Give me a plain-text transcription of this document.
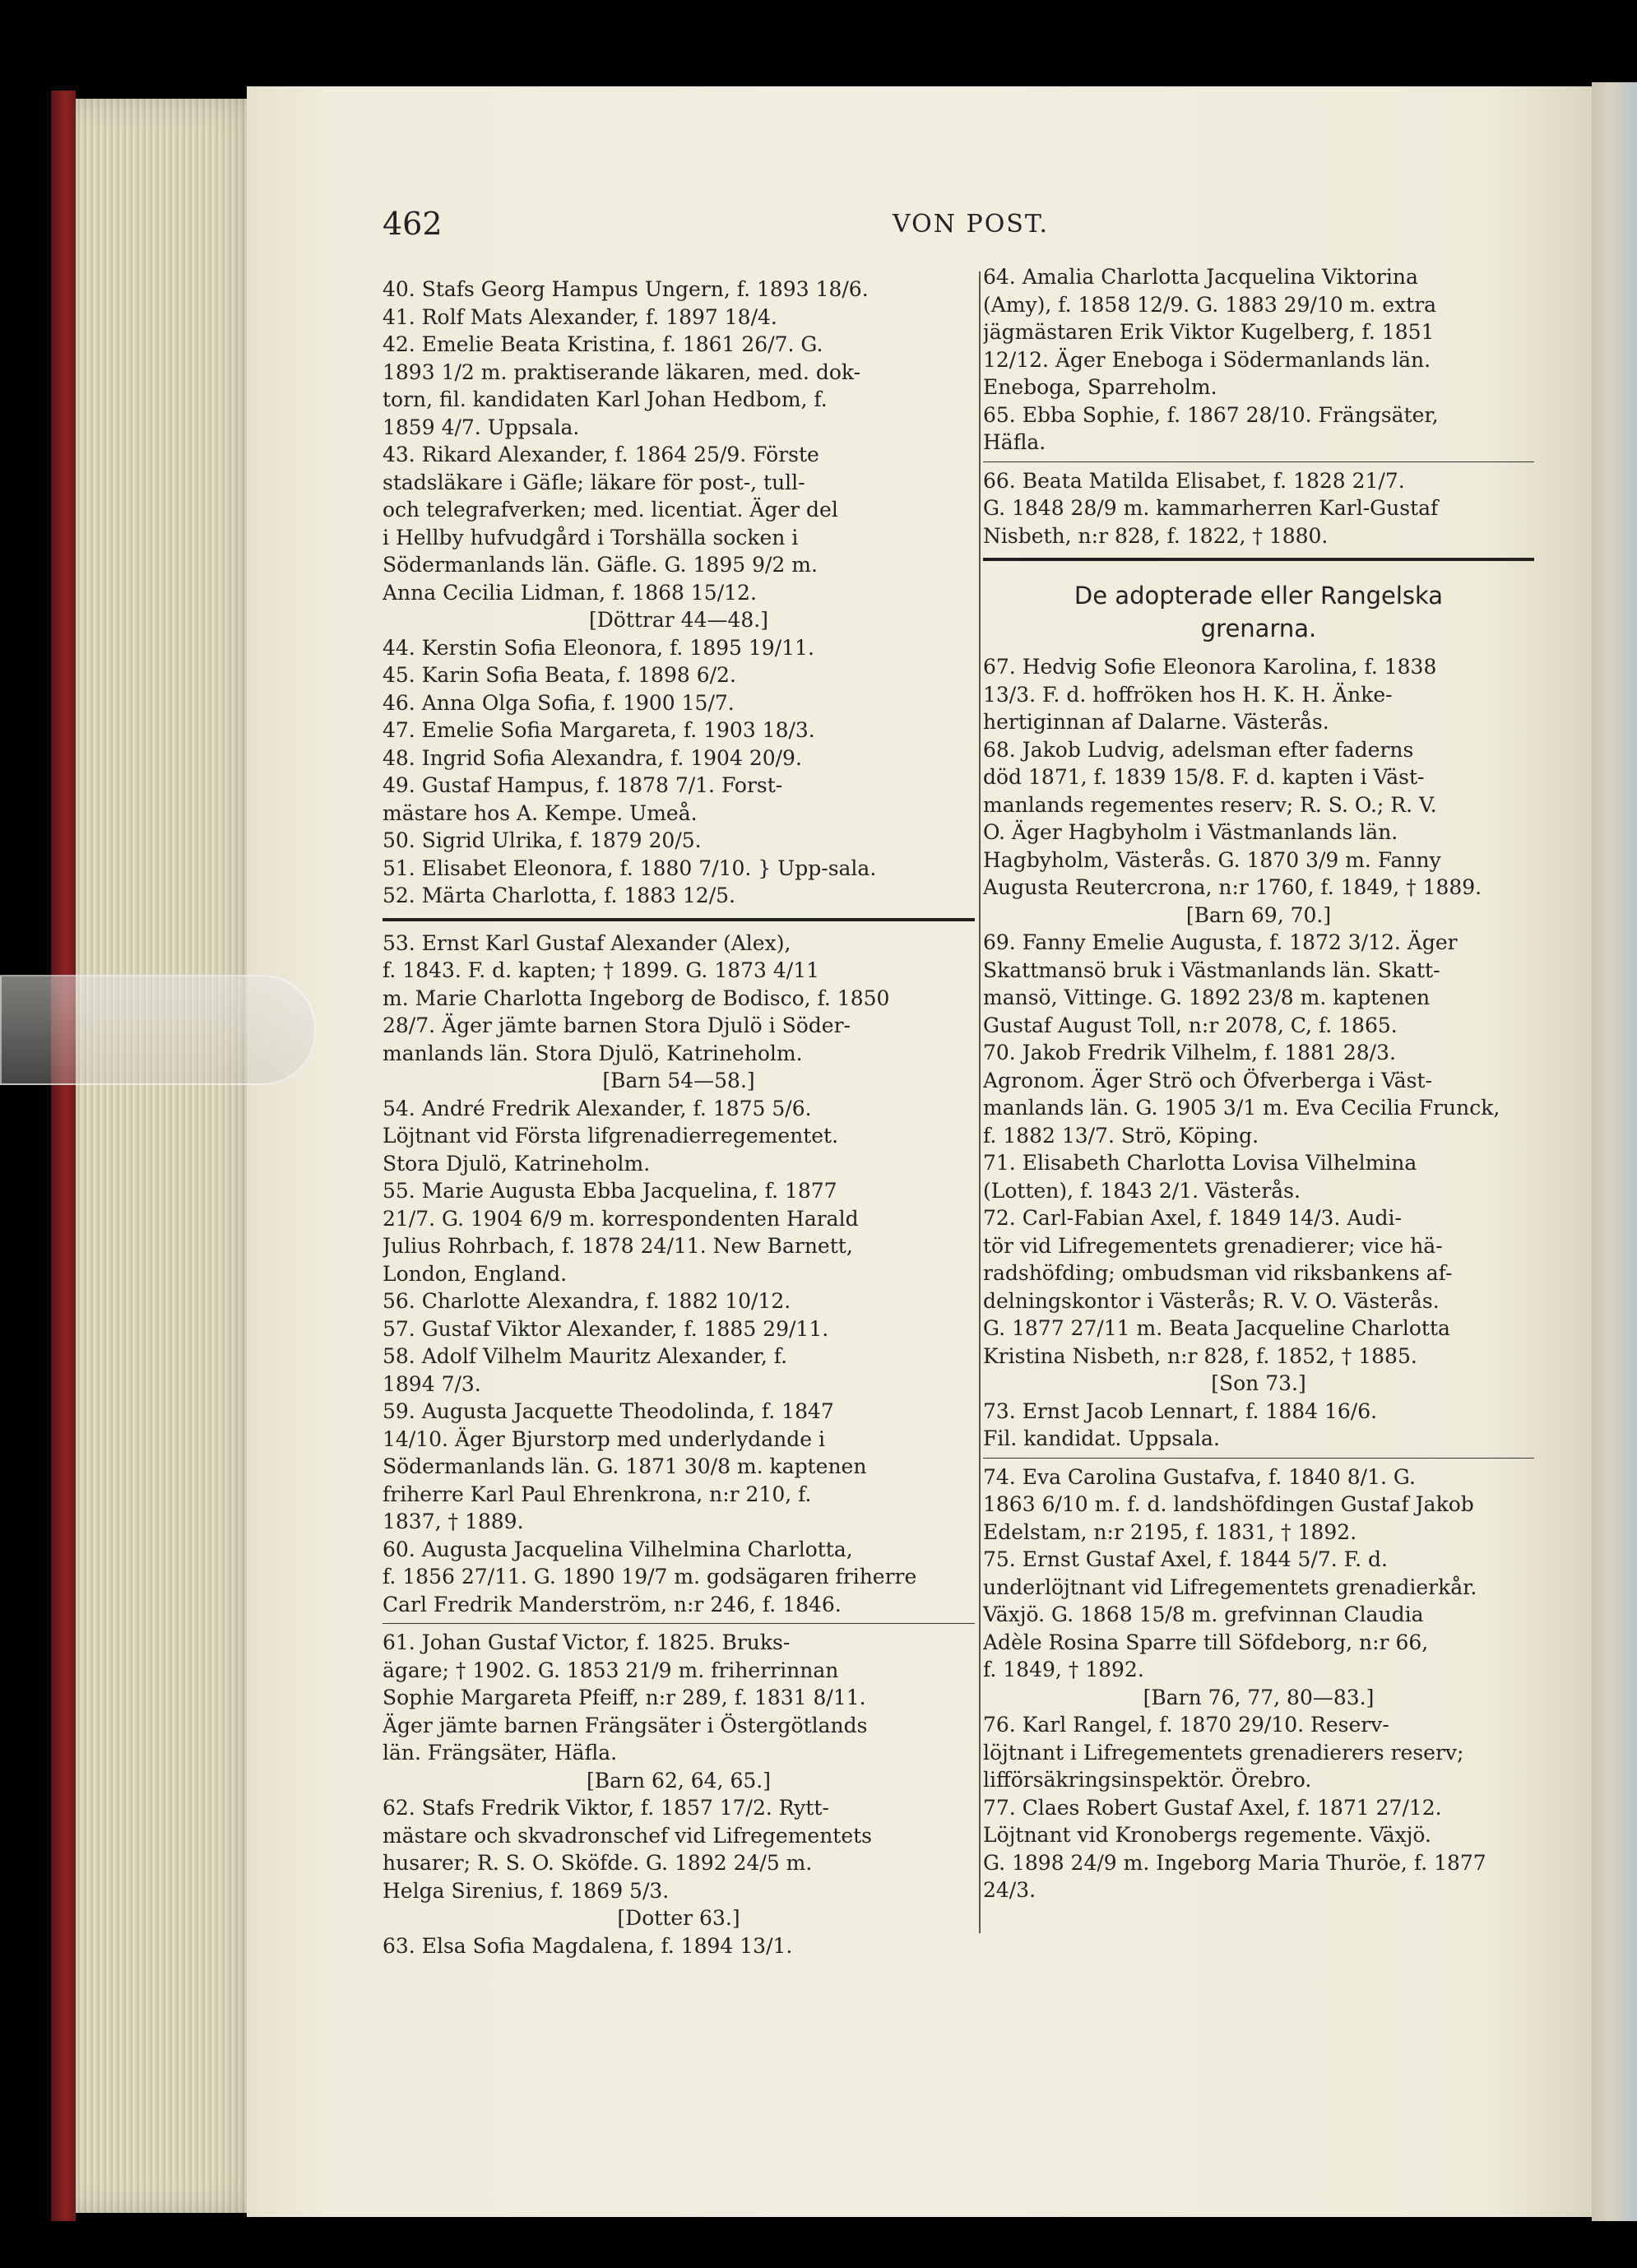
462	VON POST.
40. Stafs Georg Hampus Ungern, f. 1893 18/6.
41. Rolf Mats Alexander, f. 1897 18/4.
42. Emelie Beata Kristina, f. 1861 26/7. G.
1893 1/2 m. praktiserande läkaren, med. dok-
torn, fil. kandidaten Karl Johan Hedbom, f.
1859 4/7. Uppsala.
43. Rikard Alexander, f. 1864 25/9. Förste
stadsläkare i Gäfle; läkare för post-, tull-
och telegrafverken; med. licentiat. Äger del
i Hellby hufvudgård i Torshälla socken i
Södermanlands län. Gäfle. G. 1895 9/2 m.
Anna Cecilia Lidman, f. 1868 15/12.
[Döttrar 44—48.]
44. Kerstin Sofia Eleonora, f. 1895 19/11.
45. Karin Sofia Beata, f. 1898 6/2.
46. Anna Olga Sofia, f. 1900 15/7.
47. Emelie Sofia Margareta, f. 1903 18/3.
48. Ingrid Sofia Alexandra, f. 1904 20/9.
49. Gustaf Hampus, f. 1878 7/1. Forst-
mästare hos A. Kempe. Umeå.
50. Sigrid Ulrika, f. 1879 20/5.
51. Elisabet Eleonora, f. 1880 7/10. } Upp-sala.
52. Märta Charlotta, f. 1883 12/5.
53. Ernst Karl Gustaf Alexander (Alex),
f. 1843. F. d. kapten; † 1899. G. 1873 4/11
m. Marie Charlotta Ingeborg de Bodisco, f. 1850
28/7. Äger jämte barnen Stora Djulö i Söder-
manlands län. Stora Djulö, Katrineholm.
[Barn 54—58.]
54. André Fredrik Alexander, f. 1875 5/6.
Löjtnant vid Första lifgrenadierregementet.
Stora Djulö, Katrineholm.
55. Marie Augusta Ebba Jacquelina, f. 1877
21/7. G. 1904 6/9 m. korrespondenten Harald
Julius Rohrbach, f. 1878 24/11. New Barnett,
London, England.
56. Charlotte Alexandra, f. 1882 10/12.
57. Gustaf Viktor Alexander, f. 1885 29/11.
58. Adolf Vilhelm Mauritz Alexander, f.
1894 7/3.
59. Augusta Jacquette Theodolinda, f. 1847
14/10. Äger Bjurstorp med underlydande i
Södermanlands län. G. 1871 30/8 m. kaptenen
friherre Karl Paul Ehrenkrona, n:r 210, f.
1837, † 1889.
60. Augusta Jacquelina Vilhelmina Charlotta,
f. 1856 27/11. G. 1890 19/7 m. godsägaren friherre
Carl Fredrik Manderström, n:r 246, f. 1846.
61. Johan Gustaf Victor, f. 1825. Bruks-
ägare; † 1902. G. 1853 21/9 m. friherrinnan
Sophie Margareta Pfeiff, n:r 289, f. 1831 8/11.
Äger jämte barnen Frängsäter i Östergötlands
län. Frängsäter, Häfla.
[Barn 62, 64, 65.]
62. Stafs Fredrik Viktor, f. 1857 17/2. Rytt-
mästare och skvadronschef vid Lifregementets
husarer; R. S. O. Sköfde. G. 1892 24/5 m.
Helga Sirenius, f. 1869 5/3.
[Dotter 63.]
63. Elsa Sofia Magdalena, f. 1894 13/1.
64. Amalia Charlotta Jacquelina Viktorina
(Amy), f. 1858 12/9. G. 1883 29/10 m. extra
jägmästaren Erik Viktor Kugelberg, f. 1851
12/12. Äger Eneboga i Södermanlands län.
Eneboga, Sparreholm.
65. Ebba Sophie, f. 1867 28/10. Frängsäter,
Häfla.
66. Beata Matilda Elisabet, f. 1828 21/7.
G. 1848 28/9 m. kammarherren Karl-Gustaf
Nisbeth, n:r 828, f. 1822, † 1880.
De adopterade eller Rangelska
grenarna.
67. Hedvig Sofie Eleonora Karolina, f. 1838
13/3. F. d. hoffröken hos H. K. H. Änke-
hertiginnan af Dalarne. Västerås.
68. Jakob Ludvig, adelsman efter faderns
död 1871, f. 1839 15/8. F. d. kapten i Väst-
manlands regementes reserv; R. S. O.; R. V.
O. Äger Hagbyholm i Västmanlands län.
Hagbyholm, Västerås. G. 1870 3/9 m. Fanny
Augusta Reutercrona, n:r 1760, f. 1849, † 1889.
[Barn 69, 70.]
69. Fanny Emelie Augusta, f. 1872 3/12. Äger
Skattmansö bruk i Västmanlands län. Skatt-
mansö, Vittinge. G. 1892 23/8 m. kaptenen
Gustaf August Toll, n:r 2078, C, f. 1865.
70. Jakob Fredrik Vilhelm, f. 1881 28/3.
Agronom. Äger Strö och Öfverberga i Väst-
manlands län. G. 1905 3/1 m. Eva Cecilia Frunck,
f. 1882 13/7. Strö, Köping.
71. Elisabeth Charlotta Lovisa Vilhelmina
(Lotten), f. 1843 2/1. Västerås.
72. Carl-Fabian Axel, f. 1849 14/3. Audi-
tör vid Lifregementets grenadierer; vice hä-
radshöfding; ombudsman vid riksbankens af-
delningskontor i Västerås; R. V. O. Västerås.
G. 1877 27/11 m. Beata Jacqueline Charlotta
Kristina Nisbeth, n:r 828, f. 1852, † 1885.
[Son 73.]
73. Ernst Jacob Lennart, f. 1884 16/6.
Fil. kandidat. Uppsala.
74. Eva Carolina Gustafva, f. 1840 8/1. G.
1863 6/10 m. f. d. landshöfdingen Gustaf Jakob
Edelstam, n:r 2195, f. 1831, † 1892.
75. Ernst Gustaf Axel, f. 1844 5/7. F. d.
underlöjtnant vid Lifregementets grenadierkår.
Växjö. G. 1868 15/8 m. grefvinnan Claudia
Adèle Rosina Sparre till Söfdeborg, n:r 66,
f. 1849, † 1892.
[Barn 76, 77, 80—83.]
76. Karl Rangel, f. 1870 29/10. Reserv-
löjtnant i Lifregementets grenadierers reserv;
lifförsäkringsinspektör. Örebro.
77. Claes Robert Gustaf Axel, f. 1871 27/12.
Löjtnant vid Kronobergs regemente. Växjö.
G. 1898 24/9 m. Ingeborg Maria Thuröe, f. 1877
24/3.
